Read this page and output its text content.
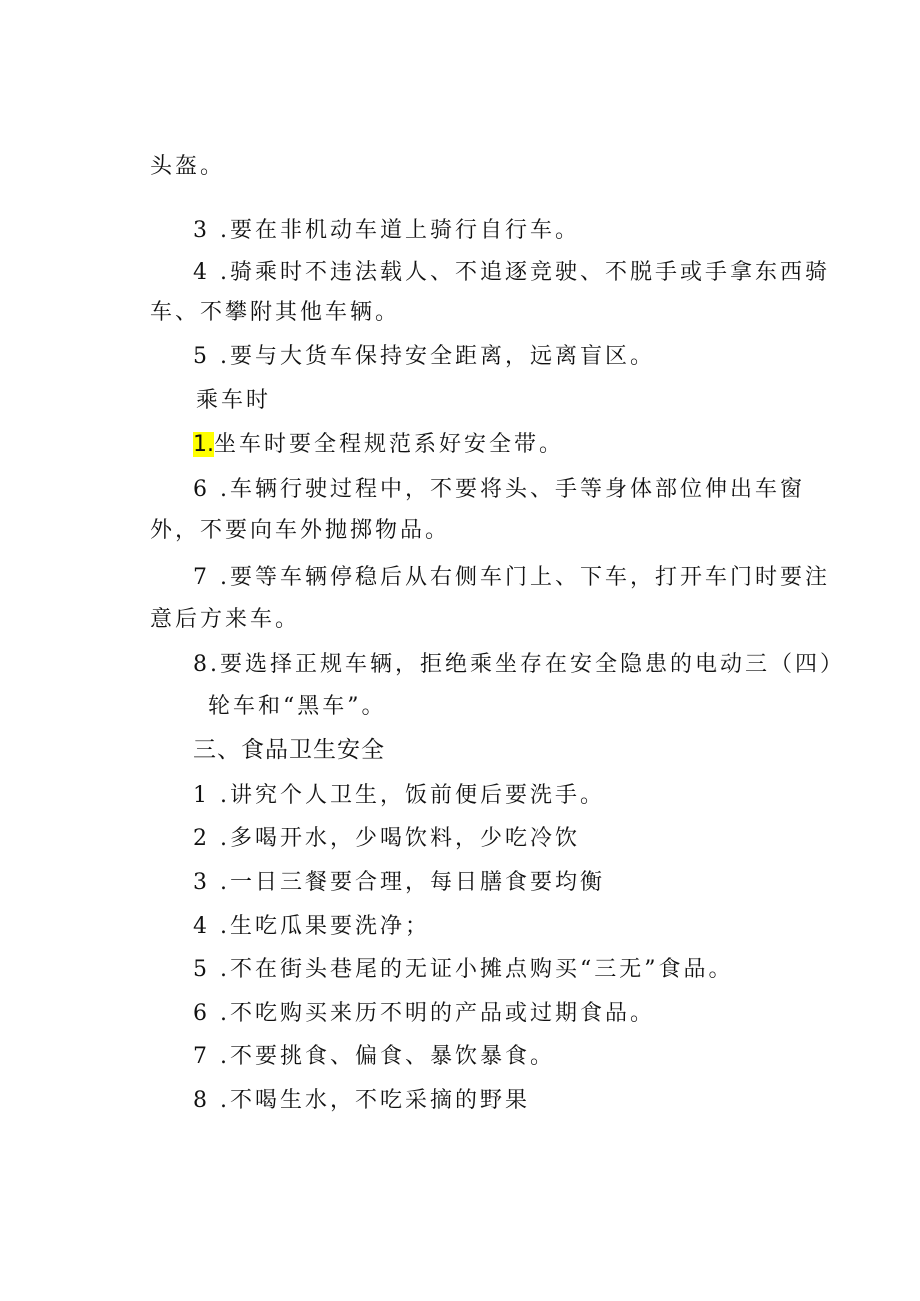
头盔。
3 .要在非机动车道上骑行自行车。
4 .骑乘时不违法载人、不追逐竞驶、不脱手或手拿东西骑
车、不攀附其他车辆。
5 .要与大货车保持安全距离，远离盲区。
乘车时
1.坐车时要全程规范系好安全带。
6 .车辆行驶过程中，不要将头、手等身体部位伸出车窗
外，不要向车外抛掷物品。
7 .要等车辆停稳后从右侧车门上、下车，打开车门时要注
意后方来车。
8.要选择正规车辆，拒绝乘坐存在安全隐患的电动三（四）
轮车和“黑车”。
三、食品卫生安全
1 .讲究个人卫生，饭前便后要洗手。
2 .多喝开水，少喝饮料，少吃冷饮
3 .一日三餐要合理，每日膳食要均衡
4 .生吃瓜果要洗净；
5 .不在街头巷尾的无证小摊点购买“三无”食品。
6 .不吃购买来历不明的产品或过期食品。
7 .不要挑食、偏食、暴饮暴食。
8 .不喝生水，不吃采摘的野果
